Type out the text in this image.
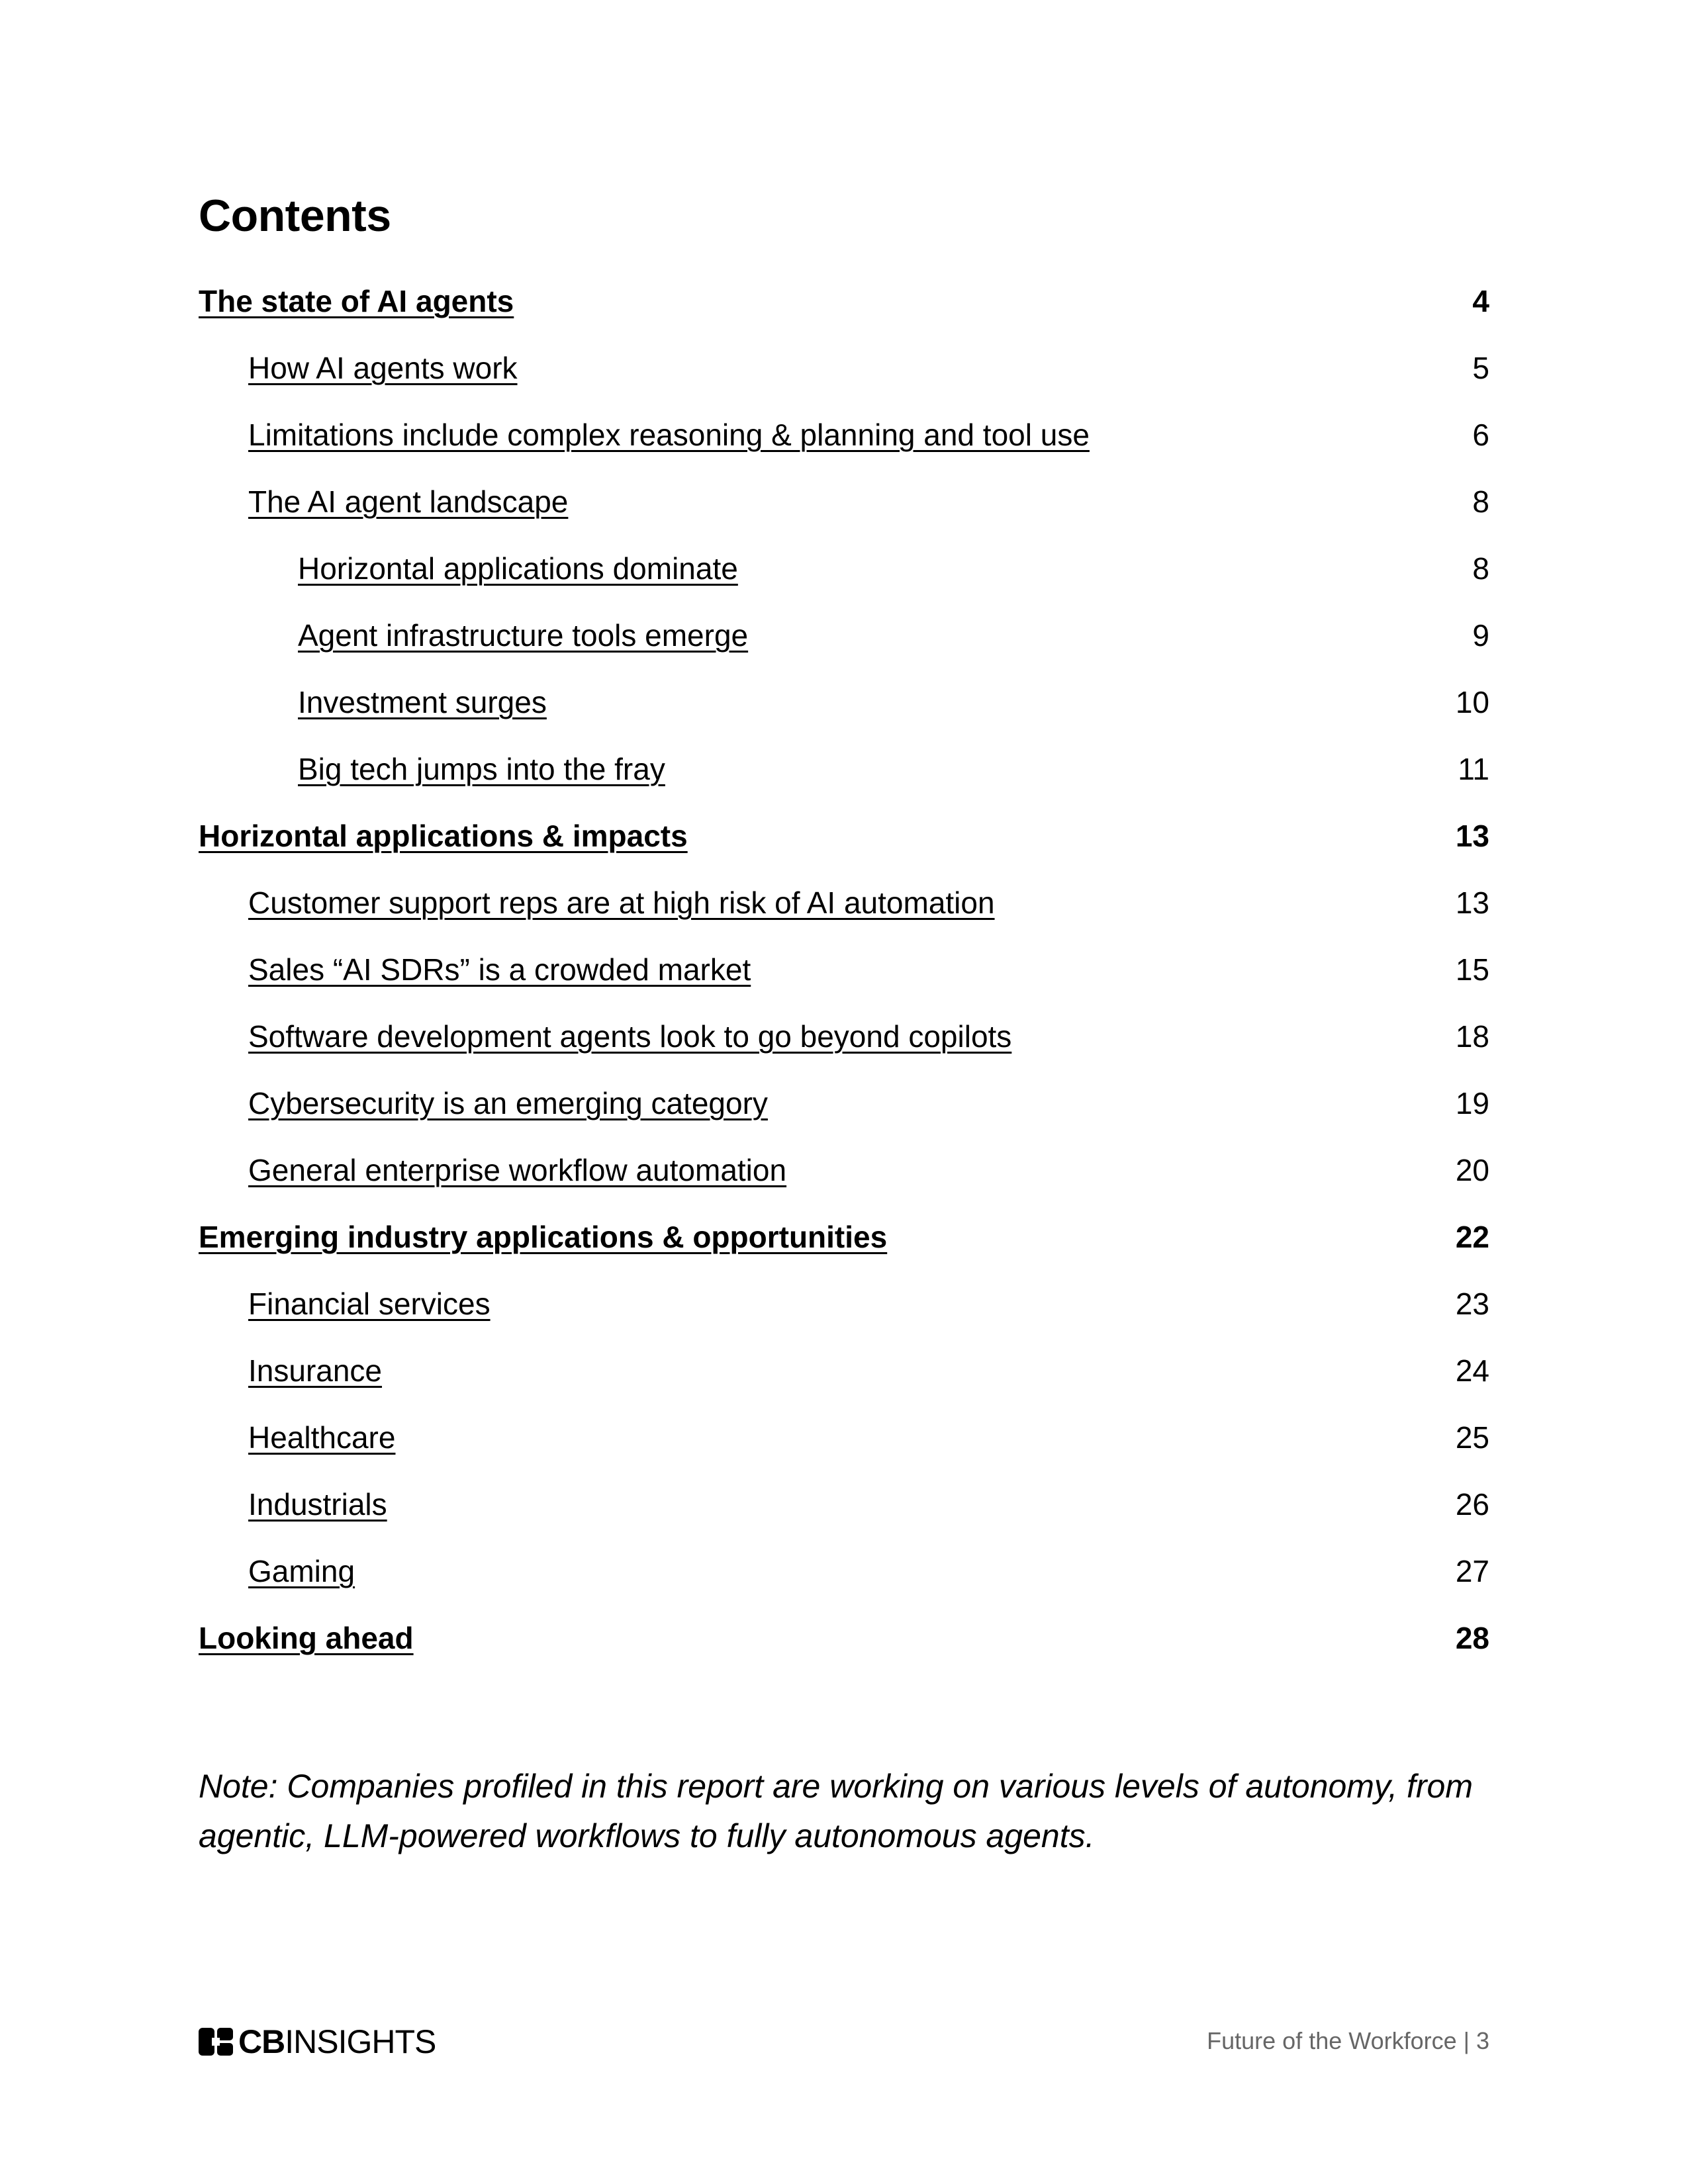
Contents
The state of AI agents	4
How AI agents work	5
Limitations include complex reasoning & planning and tool use	6
The AI agent landscape	8
Horizontal applications dominate	8
Agent infrastructure tools emerge	9
Investment surges	10
Big tech jumps into the fray	11
Horizontal applications & impacts	13
Customer support reps are at high risk of AI automation	13
Sales “AI SDRs” is a crowded market	15
Software development agents look to go beyond copilots	18
Cybersecurity is an emerging category	19
General enterprise workflow automation	20
Emerging industry applications & opportunities	22
Financial services	23
Insurance	24
Healthcare	25
Industrials	26
Gaming	27
Looking ahead	28

Note: Companies profiled in this report are working on various levels of autonomy, from agentic, LLM-powered workflows to fully autonomous agents.

CBINSIGHTS	Future of the Workforce | 3
